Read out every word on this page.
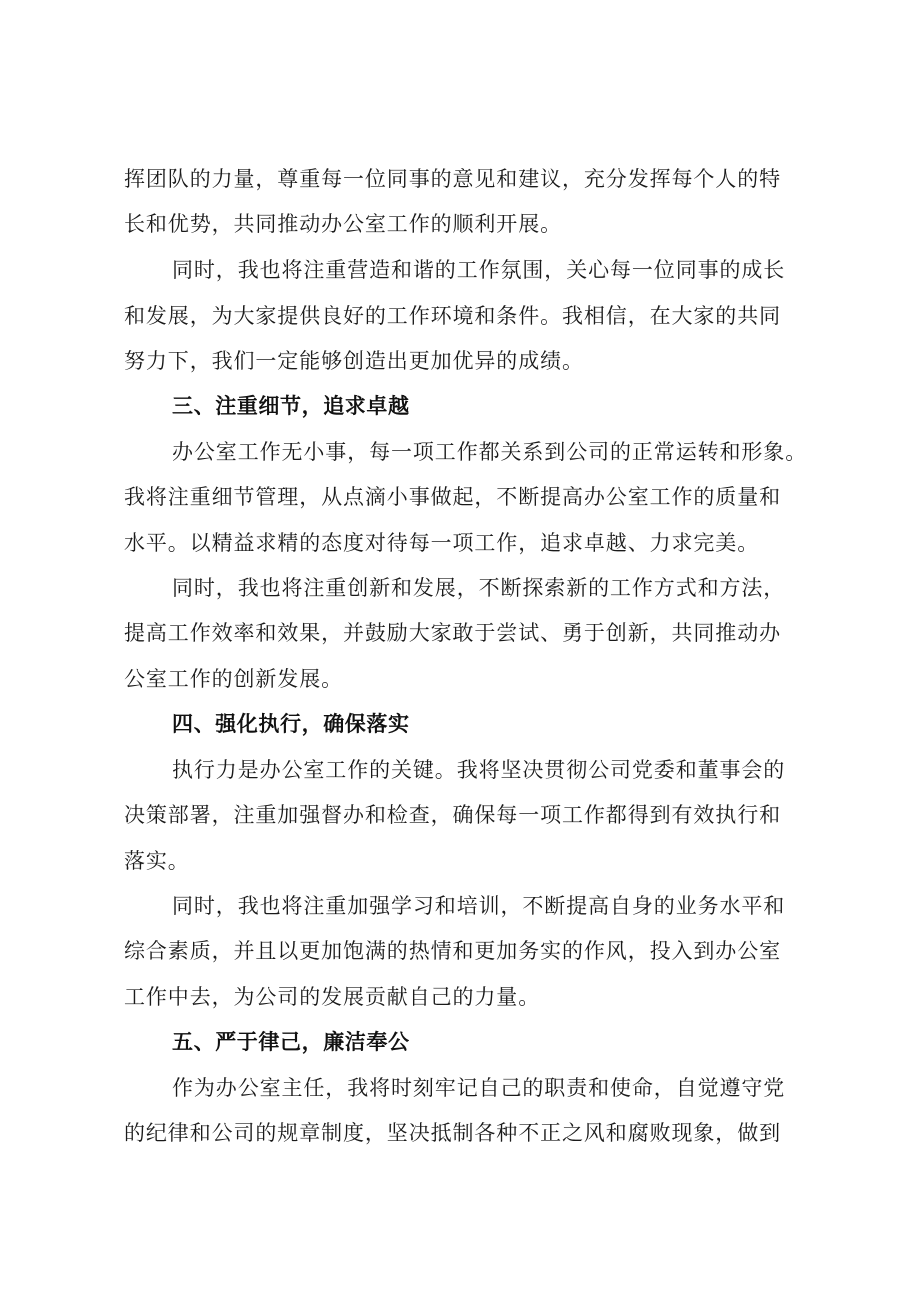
挥团队的力量，尊重每一位同事的意见和建议，充分发挥每个人的特
长和优势，共同推动办公室工作的顺利开展。
同时，我也将注重营造和谐的工作氛围，关心每一位同事的成长
和发展，为大家提供良好的工作环境和条件。我相信，在大家的共同
努力下，我们一定能够创造出更加优异的成绩。
三、注重细节，追求卓越
办公室工作无小事，每一项工作都关系到公司的正常运转和形象。
我将注重细节管理，从点滴小事做起，不断提高办公室工作的质量和
水平。以精益求精的态度对待每一项工作，追求卓越、力求完美。
同时，我也将注重创新和发展，不断探索新的工作方式和方法，
提高工作效率和效果，并鼓励大家敢于尝试、勇于创新，共同推动办
公室工作的创新发展。
四、强化执行，确保落实
执行力是办公室工作的关键。我将坚决贯彻公司党委和董事会的
决策部署，注重加强督办和检查，确保每一项工作都得到有效执行和
落实。
同时，我也将注重加强学习和培训，不断提高自身的业务水平和
综合素质，并且以更加饱满的热情和更加务实的作风，投入到办公室
工作中去，为公司的发展贡献自己的力量。
五、严于律己，廉洁奉公
作为办公室主任，我将时刻牢记自己的职责和使命，自觉遵守党
的纪律和公司的规章制度，坚决抵制各种不正之风和腐败现象，做到
